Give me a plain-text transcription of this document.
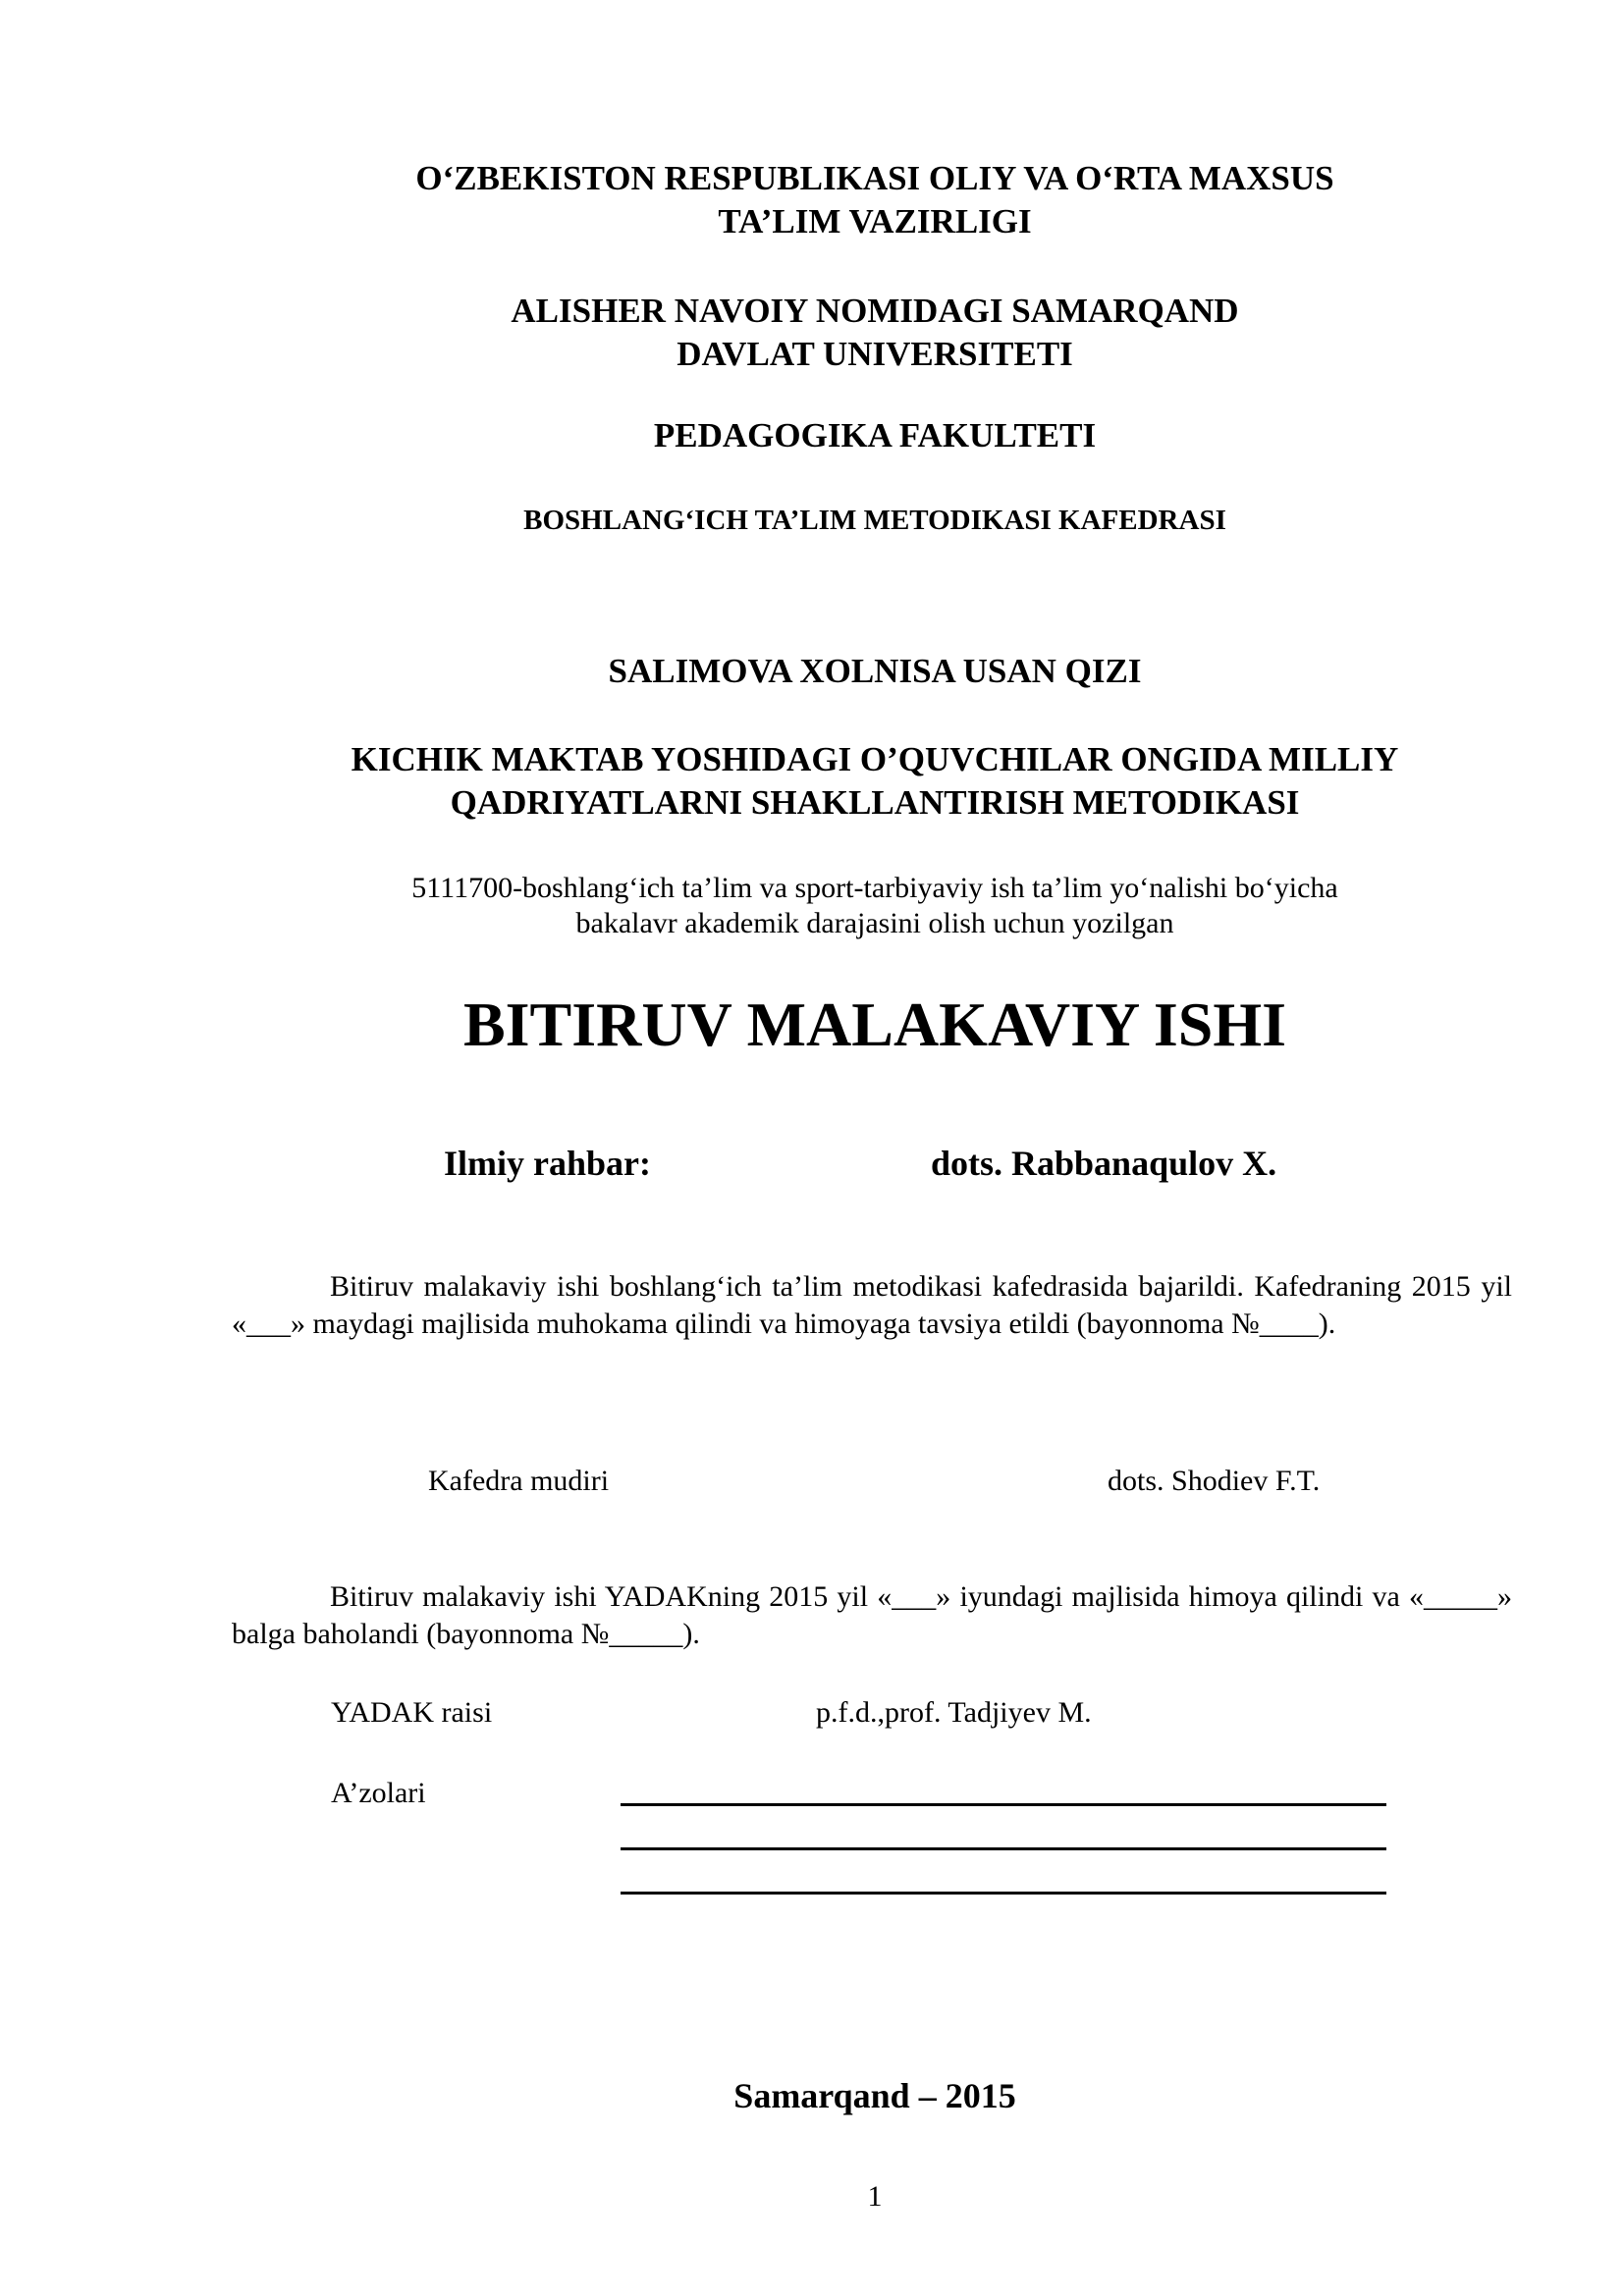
O‘ZBEKISTON RESPUBLIKASI OLIY VA O‘RTA MAXSUS
TA’LIM VAZIRLIGI
ALISHER NAVOIY NOMIDAGI SAMARQAND
DAVLAT UNIVERSITETI
PEDAGOGIKA FAKULTETI
BOSHLANG‘ICH TA’LIM METODIKASI KAFEDRASI
SALIMOVA XOLNISA USAN QIZI
KICHIK MAKTAB YOSHIDAGI O’QUVCHILAR ONGIDA MILLIY
QADRIYATLARNI SHAKLLANTIRISH METODIKASI
5111700-boshlang‘ich ta’lim va sport-tarbiyaviy ish ta’lim yo‘nalishi bo‘yicha
bakalavr akademik darajasini olish uchun yozilgan
BITIRUV MALAKAVIY ISHI
Ilmiy rahbar:	dots. Rabbanaqulov X.
Bitiruv malakaviy ishi boshlang‘ich ta’lim metodikasi kafedrasida bajarildi. Kafedraning 2015 yil «___» maydagi majlisida muhokama qilindi va himoyaga tavsiya etildi (bayonnoma №____).
Kafedra mudiri	dots. Shodiev F.T.
Bitiruv malakaviy ishi YADAKning 2015 yil «___» iyundagi majlisida himoya qilindi va «_____» balga baholandi (bayonnoma №_____).
YADAK raisi	p.f.d.,prof. Tadjiyev M.
A’zolari
Samarqand – 2015
1
